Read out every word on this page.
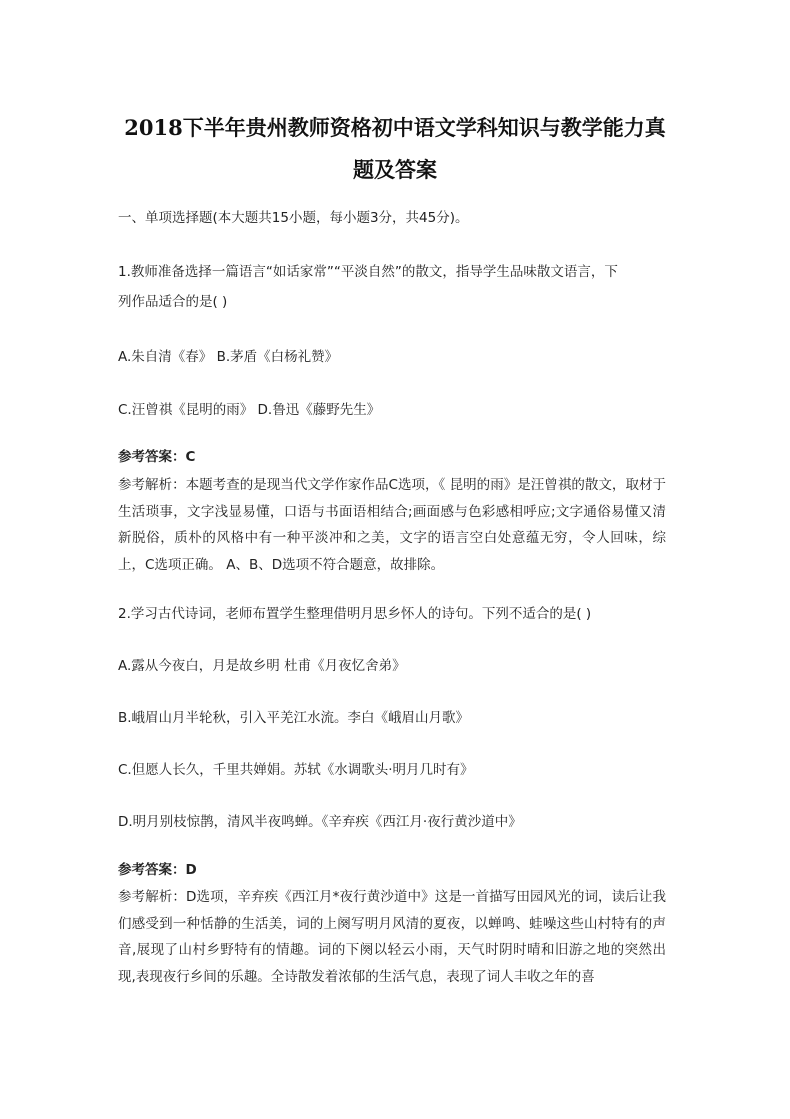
2018下半年贵州教师资格初中语文学科知识与教学能力真
题及答案
一、单项选择题(本大题共15小题，每小题3分，共45分)。
1.教师准备选择一篇语言“如话家常”“平淡自然”的散文，指导学生品味散文语言，下
列作品适合的是( )
A.朱自清《春》 B.茅盾《白杨礼赞》
C.汪曾祺《昆明的雨》 D.鲁迅《藤野先生》
参考答案：C
参考解析：本题考查的是现当代文学作家作品C选项，《 昆明的雨》是汪曾祺的散文，取材于生活琐事，文字浅显易懂，口语与书面语相结合;画面感与色彩感相呼应;文字通俗易懂又清新脱俗，质朴的风格中有一种平淡冲和之美，文字的语言空白处意蕴无穷，令人回味，综上，C选项正确。 A、B、D选项不符合题意，故排除。
2.学习古代诗词，老师布置学生整理借明月思乡怀人的诗句。下列不适合的是( )
A.露从今夜白，月是故乡明 杜甫《月夜忆舍弟》
B.峨眉山月半轮秋，引入平羌江水流。李白《峨眉山月歌》
C.但愿人长久，千里共婵娟。苏轼《水调歌头·明月几时有》
D.明月别枝惊鹊，清风半夜鸣蝉。《辛弃疾《西江月·夜行黄沙道中》
参考答案：D
参考解析：D选项，辛弃疾《西江月*夜行黄沙道中》这是一首描写田园风光的词，读后让我们感受到一种恬静的生活美，词的上阕写明月风清的夏夜，以蝉鸣、蛙噪这些山村特有的声音,展现了山村乡野特有的情趣。词的下阕以轻云小雨，天气时阴时晴和旧游之地的突然出现,表现夜行乡间的乐趣。全诗散发着浓郁的生活气息，表现了词人丰收之年的喜
